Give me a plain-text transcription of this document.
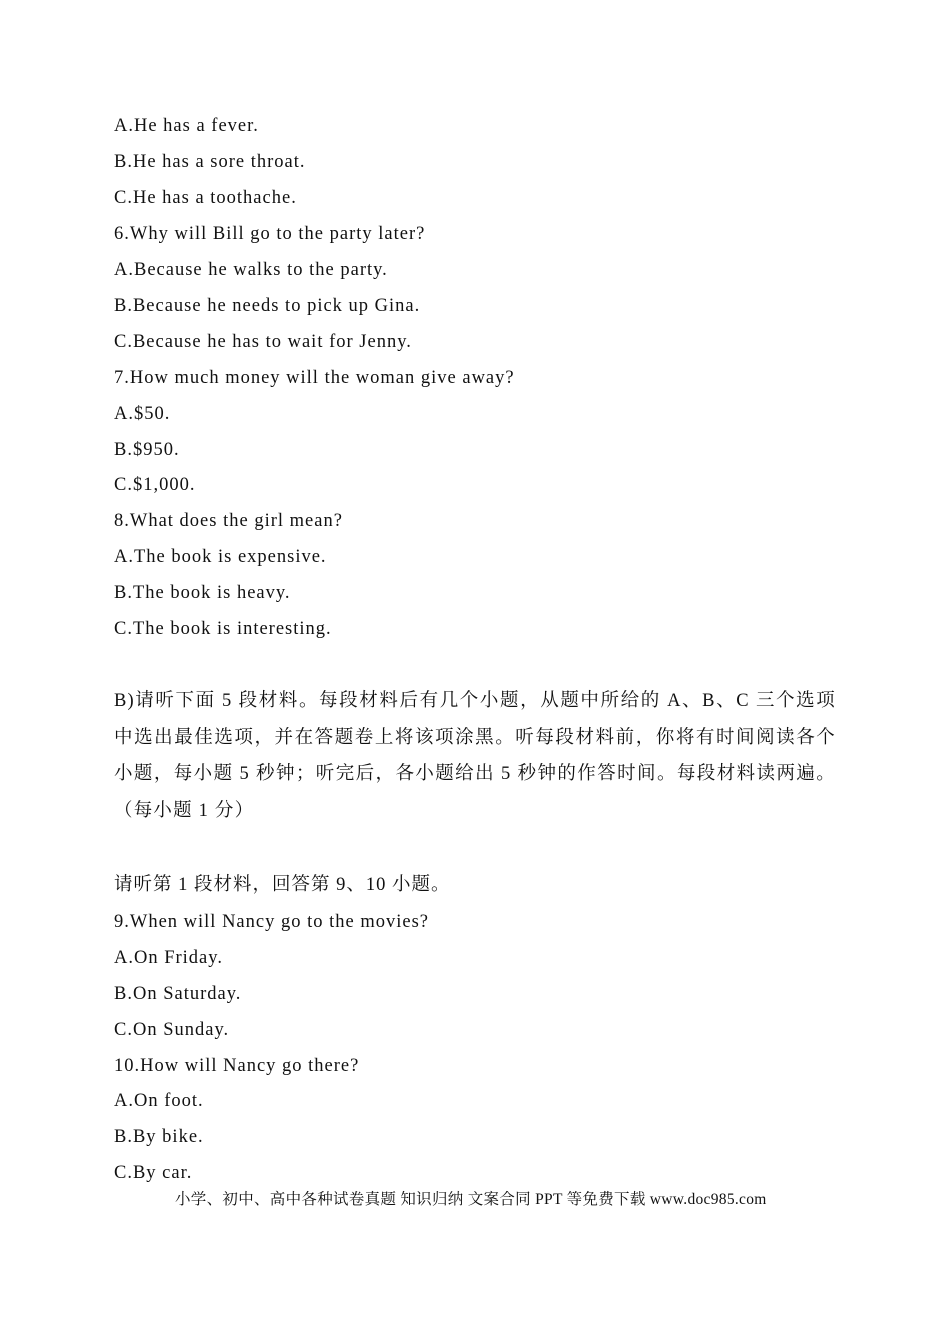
A.He has a fever.
B.He has a sore throat.
C.He has a toothache.
6.Why will Bill go to the party later?
A.Because he walks to the party.
B.Because he needs to pick up Gina.
C.Because he has to wait for Jenny.
7.How much money will the woman give away?
A.$50.
B.$950.
C.$1,000.
8.What does the girl mean?
A.The book is expensive.
B.The book is heavy.
C.The book is interesting.
B)请听下面 5 段材料。每段材料后有几个小题，从题中所给的 A、B、C 三个选项中选出最佳选项，并在答题卷上将该项涂黑。听每段材料前，你将有时间阅读各个小题，每小题 5 秒钟；听完后，各小题给出 5 秒钟的作答时间。每段材料读两遍。（每小题 1 分）
请听第 1 段材料，回答第 9、10 小题。
9.When will Nancy go to the movies?
A.On Friday.
B.On Saturday.
C.On Sunday.
10.How will Nancy go there?
A.On foot.
B.By bike.
C.By car.
小学、初中、高中各种试卷真题 知识归纳 文案合同 PPT 等免费下载 www.doc985.com
